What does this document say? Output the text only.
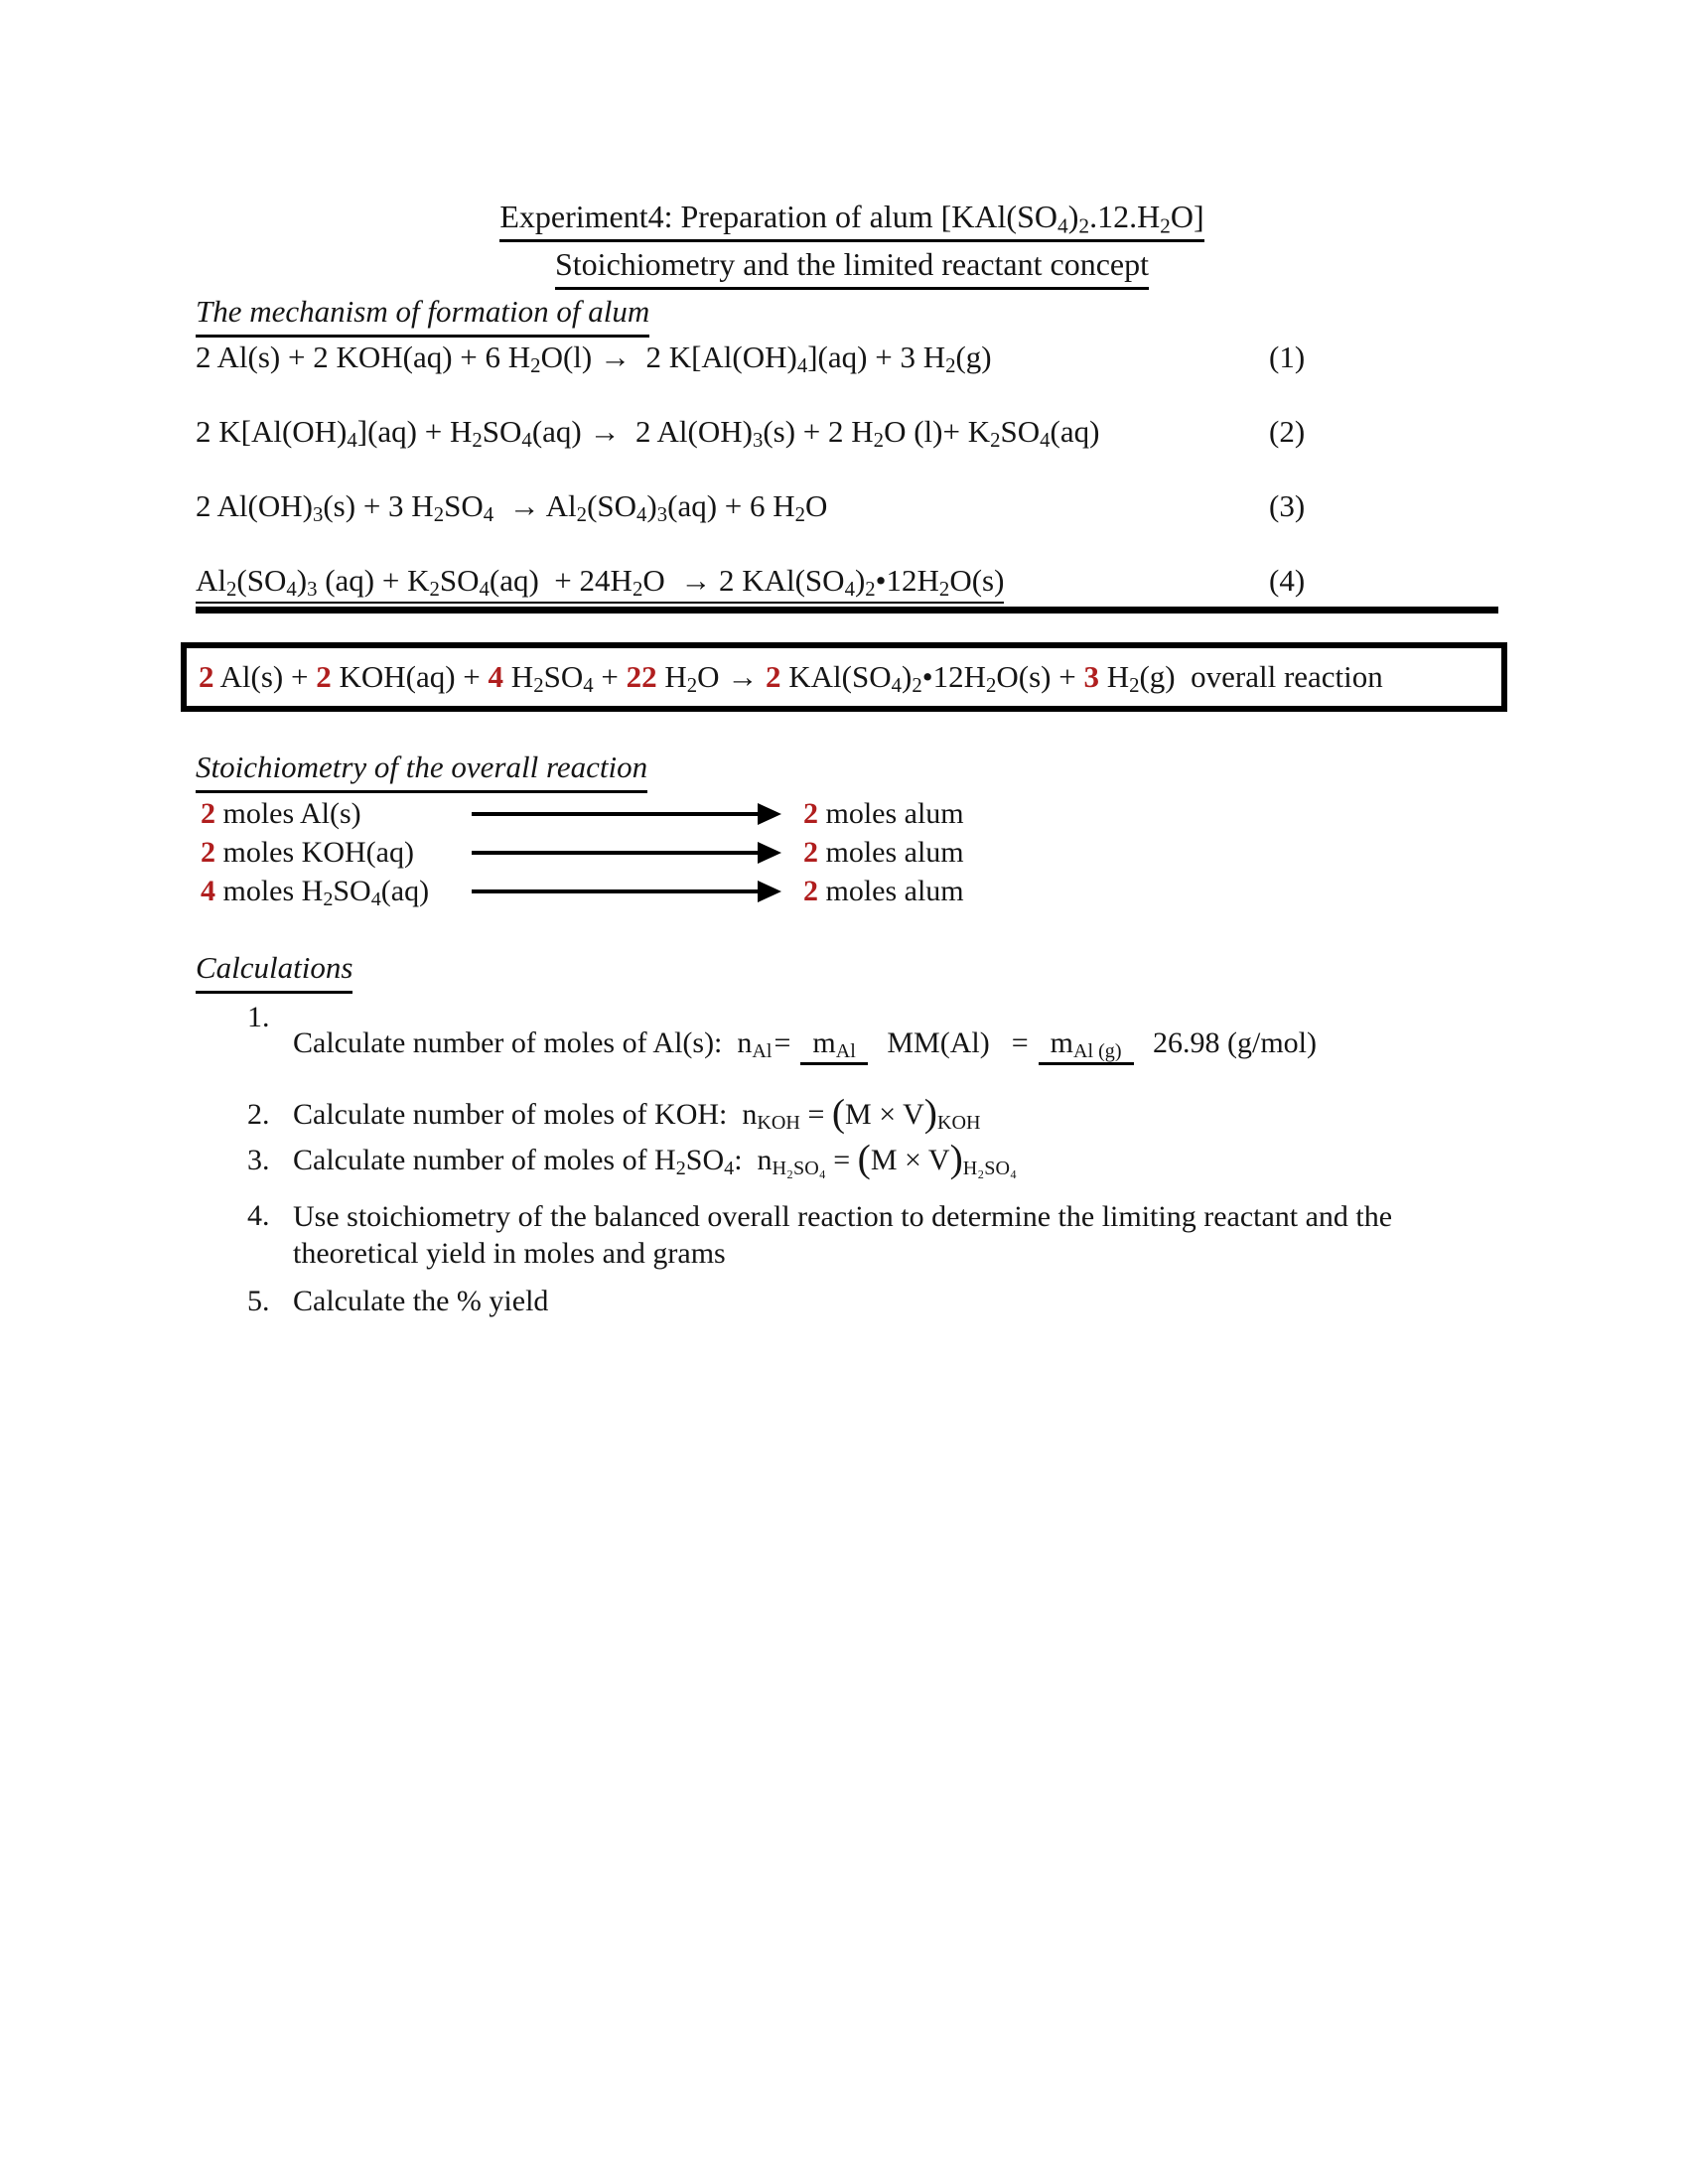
Experiment4: Preparation of alum $[KAl(SO_4)_2.12.H_2O]$
Stoichiometry and the limited reactant concept
The mechanism of formation of alum
2 Al(s) + 2 KOH(aq) + 6 $H_2O(l) \to 2$ $K[Al(OH)_4](aq) + 3$ $H_2(g)$	(1)
2 $K[Al(OH)_4](aq) + H_2SO_4(aq) \to 2$ $Al(OH)_3(s) + 2$ $H_2O$ $(l)+ K_2SO_4(aq)$	(2)
2 $Al(OH)_3(s) + 3$ $H_2SO_4 \to Al_2(SO_4)_3(aq) + 6$ $H_2O$	(3)
$Al_2(SO_4)_3$ $(aq) + K_2SO_4(aq) + 24H_2O \to 2$ $KAl(SO_4)_2•12H_2O(s)$	(4)
2 Al(s) + 2 KOH(aq) + 4 $H_2SO_4 + 22$ $H_2O \to 2$ $KAl(SO_4)_2•12H_2O(s) + 3$ $H_2(g)$  overall reaction
Stoichiometry of the overall reaction
2 moles Al(s)	2 moles alum
2 moles KOH(aq)	2 moles alum
4 moles $H_2SO_4(aq)$	2 moles alum
Calculations
1.
Calculate number of moles of Al(s):  $n_{Al} = m_{Al}$ $MM(Al) = m_{Al (g)}$ 26.98 (g/mol)
2. Calculate number of moles of KOH:  $n_{KOH} = (M \times V)_{KOH}$
3. Calculate number of moles of $H_2SO_4$:  $n_{H_2SO_4} = (M \times V)_{H_2SO_4}$
4. Use stoichiometry of the balanced overall reaction to determine the limiting reactant and the theoretical yield in moles and grams
5. Calculate the % yield
